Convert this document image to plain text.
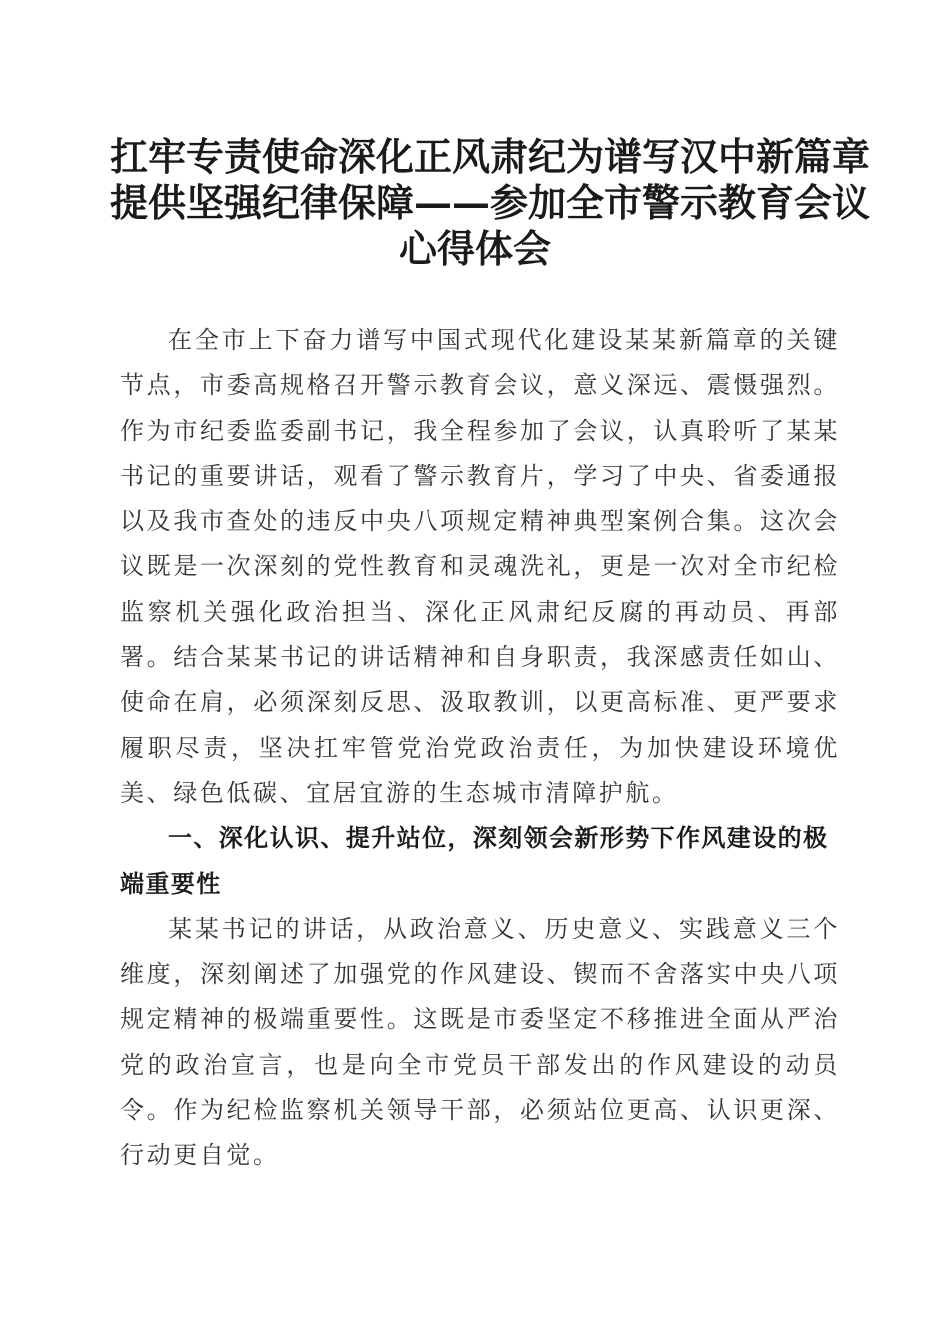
扛牢专责使命深化正风肃纪为谱写汉中新篇章
提供坚强纪律保障——参加全市警示教育会议
心得体会

在全市上下奋力谱写中国式现代化建设某某新篇章的关键节点，市委高规格召开警示教育会议，意义深远、震慑强烈。作为市纪委监委副书记，我全程参加了会议，认真聆听了某某书记的重要讲话，观看了警示教育片，学习了中央、省委通报以及我市查处的违反中央八项规定精神典型案例合集。这次会议既是一次深刻的党性教育和灵魂洗礼，更是一次对全市纪检监察机关强化政治担当、深化正风肃纪反腐的再动员、再部署。结合某某书记的讲话精神和自身职责，我深感责任如山、使命在肩，必须深刻反思、汲取教训，以更高标准、更严要求履职尽责，坚决扛牢管党治党政治责任，为加快建设环境优美、绿色低碳、宜居宜游的生态城市清障护航。

一、深化认识、提升站位，深刻领会新形势下作风建设的极端重要性

某某书记的讲话，从政治意义、历史意义、实践意义三个维度，深刻阐述了加强党的作风建设、锲而不舍落实中央八项规定精神的极端重要性。这既是市委坚定不移推进全面从严治党的政治宣言，也是向全市党员干部发出的作风建设的动员令。作为纪检监察机关领导干部，必须站位更高、认识更深、行动更自觉。
